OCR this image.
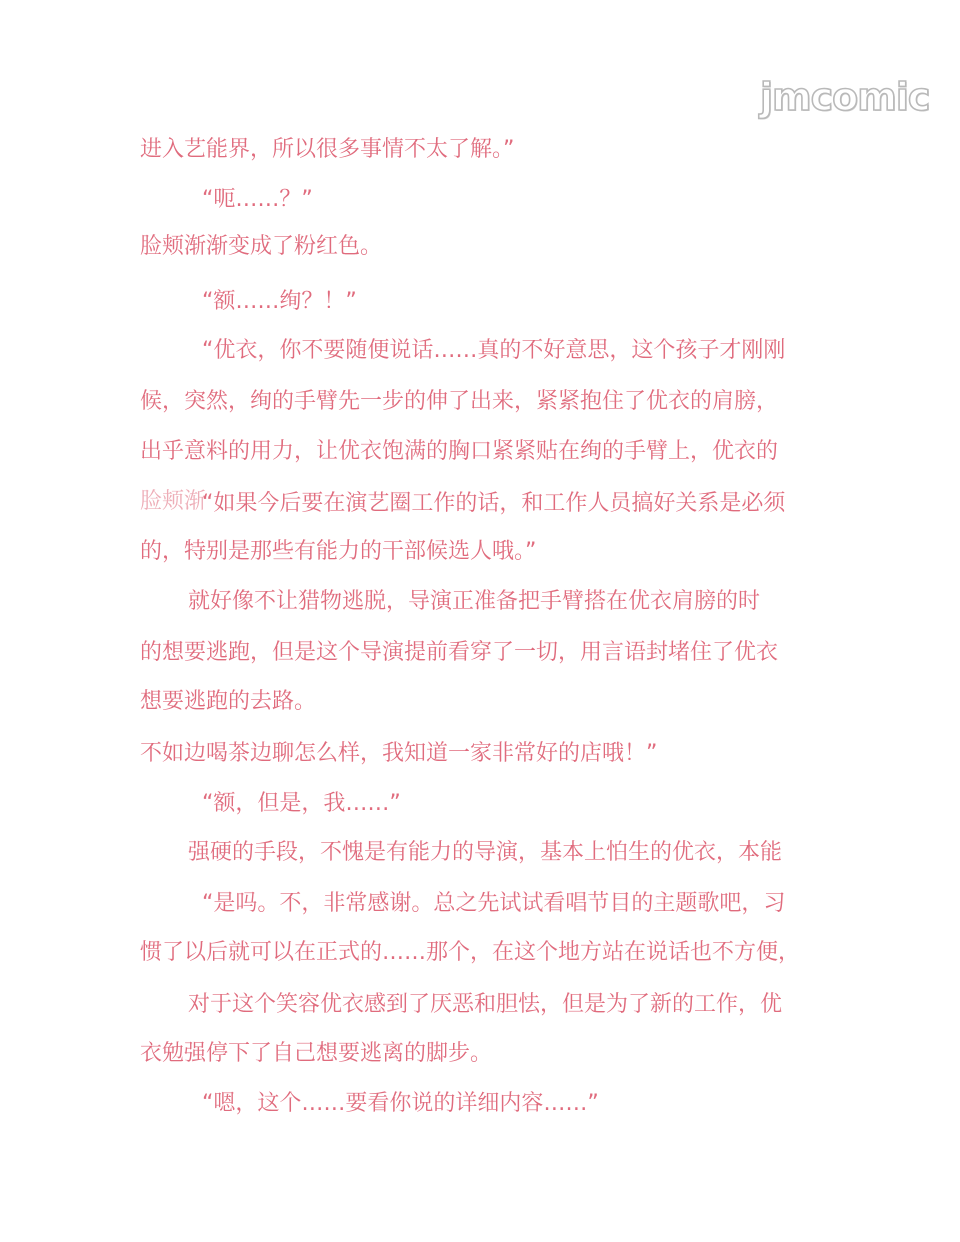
jmcomic
进入艺能界，所以很多事情不太了解。”
“呃……？”
脸颊渐渐变成了粉红色。
“额……绚？！”
“优衣，你不要随便说话……真的不好意思，这个孩子才刚刚
候，突然，绚的手臂先一步的伸了出来，紧紧抱住了优衣的肩膀，
出乎意料的用力，让优衣饱满的胸口紧紧贴在绚的手臂上，优衣的
脸颊渐
“如果今后要在演艺圈工作的话，和工作人员搞好关系是必须
的，特别是那些有能力的干部候选人哦。”
就好像不让猎物逃脱，导演正准备把手臂搭在优衣肩膀的时
的想要逃跑，但是这个导演提前看穿了一切，用言语封堵住了优衣
想要逃跑的去路。
不如边喝茶边聊怎么样，我知道一家非常好的店哦！”
“额，但是，我……”
强硬的手段，不愧是有能力的导演，基本上怕生的优衣，本能
“是吗。不，非常感谢。总之先试试看唱节目的主题歌吧，习
惯了以后就可以在正式的……那个，在这个地方站在说话也不方便，
对于这个笑容优衣感到了厌恶和胆怯，但是为了新的工作，优
衣勉强停下了自己想要逃离的脚步。
“嗯，这个……要看你说的详细内容……”
